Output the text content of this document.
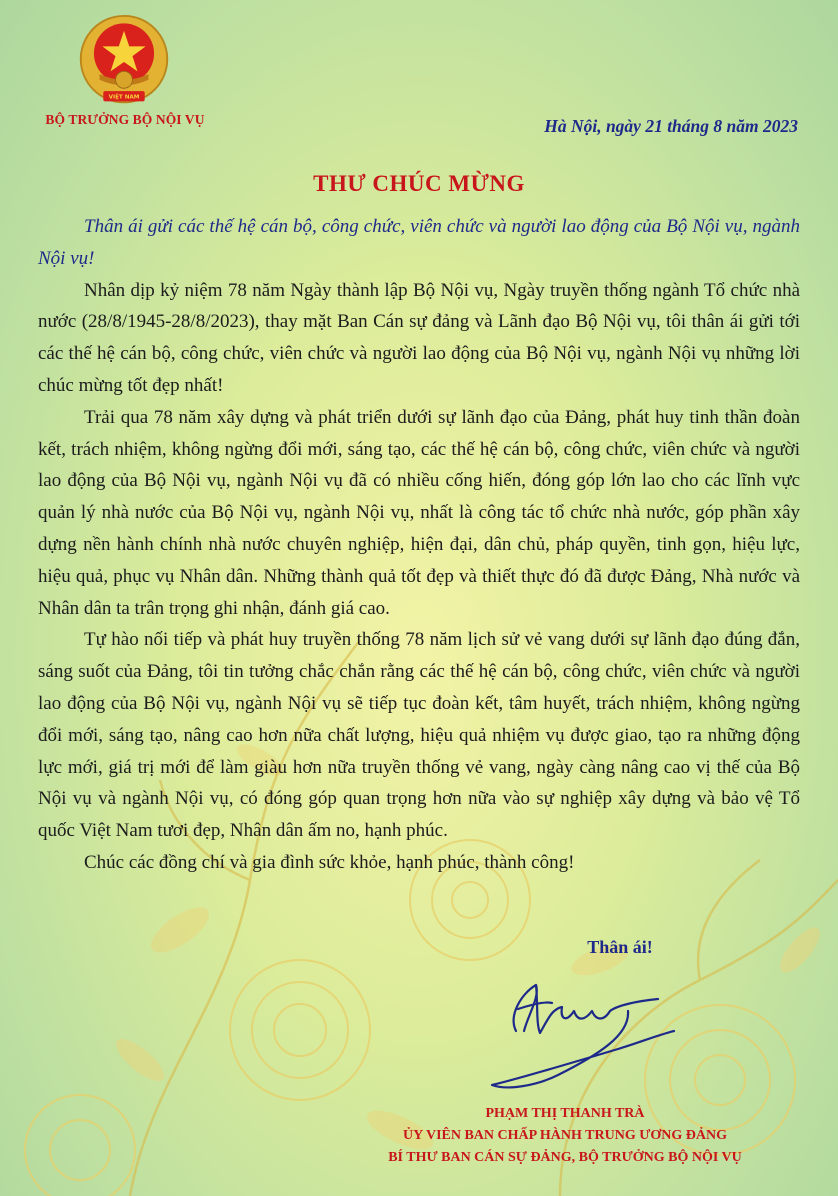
VIỆT NAM
BỘ TRƯỞNG BỘ NỘI VỤ	Hà Nội, ngày 21 tháng 8 năm 2023
THƯ CHÚC MỪNG

Thân ái gửi các thế hệ cán bộ, công chức, viên chức và người lao động của Bộ Nội vụ, ngành Nội vụ!

Nhân dịp kỷ niệm 78 năm Ngày thành lập Bộ Nội vụ, Ngày truyền thống ngành Tổ chức nhà nước (28/8/1945-28/8/2023), thay mặt Ban Cán sự đảng và Lãnh đạo Bộ Nội vụ, tôi thân ái gửi tới các thế hệ cán bộ, công chức, viên chức và người lao động của Bộ Nội vụ, ngành Nội vụ những lời chúc mừng tốt đẹp nhất!

Trải qua 78 năm xây dựng và phát triển dưới sự lãnh đạo của Đảng, phát huy tinh thần đoàn kết, trách nhiệm, không ngừng đổi mới, sáng tạo, các thế hệ cán bộ, công chức, viên chức và người lao động của Bộ Nội vụ, ngành Nội vụ đã có nhiều cống hiến, đóng góp lớn lao cho các lĩnh vực quản lý nhà nước của Bộ Nội vụ, ngành Nội vụ, nhất là công tác tổ chức nhà nước, góp phần xây dựng nền hành chính nhà nước chuyên nghiệp, hiện đại, dân chủ, pháp quyền, tinh gọn, hiệu lực, hiệu quả, phục vụ Nhân dân. Những thành quả tốt đẹp và thiết thực đó đã được Đảng, Nhà nước và Nhân dân ta trân trọng ghi nhận, đánh giá cao.

Tự hào nối tiếp và phát huy truyền thống 78 năm lịch sử vẻ vang dưới sự lãnh đạo đúng đắn, sáng suốt của Đảng, tôi tin tưởng chắc chắn rằng các thế hệ cán bộ, công chức, viên chức và người lao động của Bộ Nội vụ, ngành Nội vụ sẽ tiếp tục đoàn kết, tâm huyết, trách nhiệm, không ngừng đổi mới, sáng tạo, nâng cao hơn nữa chất lượng, hiệu quả nhiệm vụ được giao, tạo ra những động lực mới, giá trị mới để làm giàu hơn nữa truyền thống vẻ vang, ngày càng nâng cao vị thế của Bộ Nội vụ và ngành Nội vụ, có đóng góp quan trọng hơn nữa vào sự nghiệp xây dựng và bảo vệ Tổ quốc Việt Nam tươi đẹp, Nhân dân ấm no, hạnh phúc.

Chúc các đồng chí và gia đình sức khỏe, hạnh phúc, thành công!

Thân ái!
PHẠM THỊ THANH TRÀ
ỦY VIÊN BAN CHẤP HÀNH TRUNG ƯƠNG ĐẢNG
BÍ THƯ BAN CÁN SỰ ĐẢNG, BỘ TRƯỞNG BỘ NỘI VỤ
